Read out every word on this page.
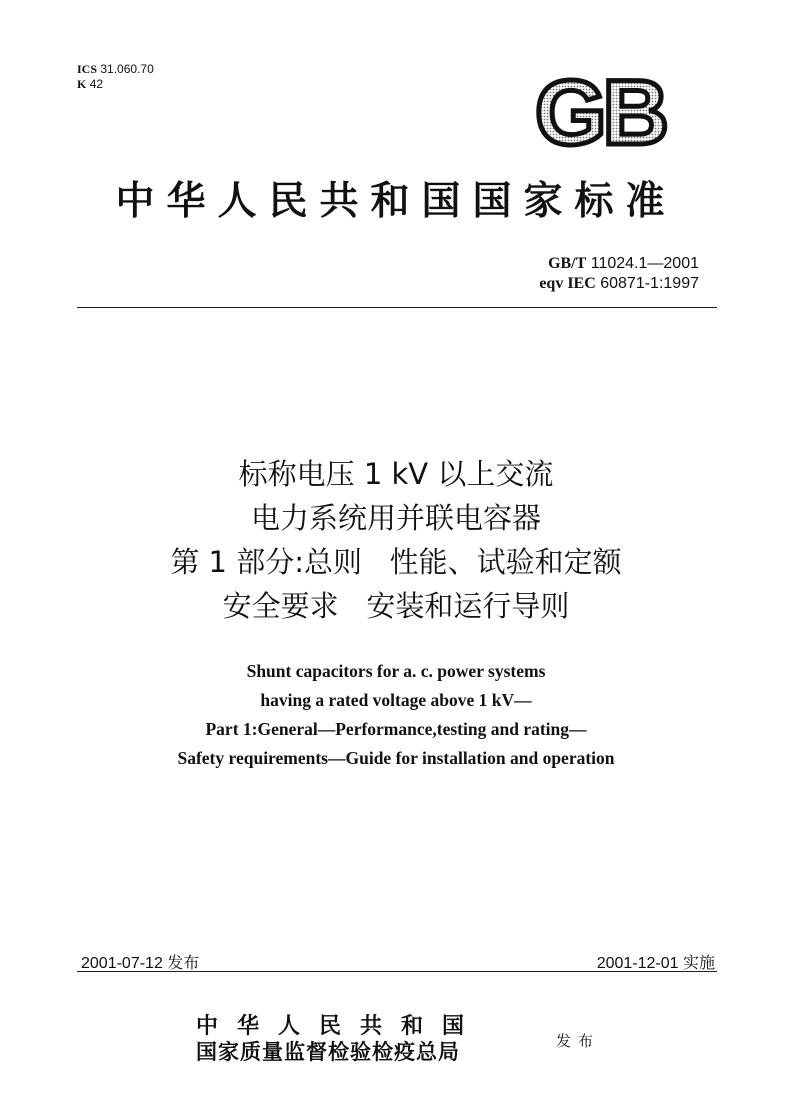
ICS 31.060.70
K 42	GB
中华人民共和国国家标准
GB/T 11024.1—2001
eqv IEC 60871-1:1997
标称电压 1 kV 以上交流
电力系统用并联电容器
第 1 部分:总则   性能、试验和定额
安全要求   安装和运行导则
Shunt capacitors for a. c. power systems
having a rated voltage above 1 kV—
Part 1:General—Performance,testing and rating—
Safety requirements—Guide for installation and operation
2001-07-12 发布	2001-12-01 实施
中华人民共和国
国家质量监督检验检疫总局	发布
